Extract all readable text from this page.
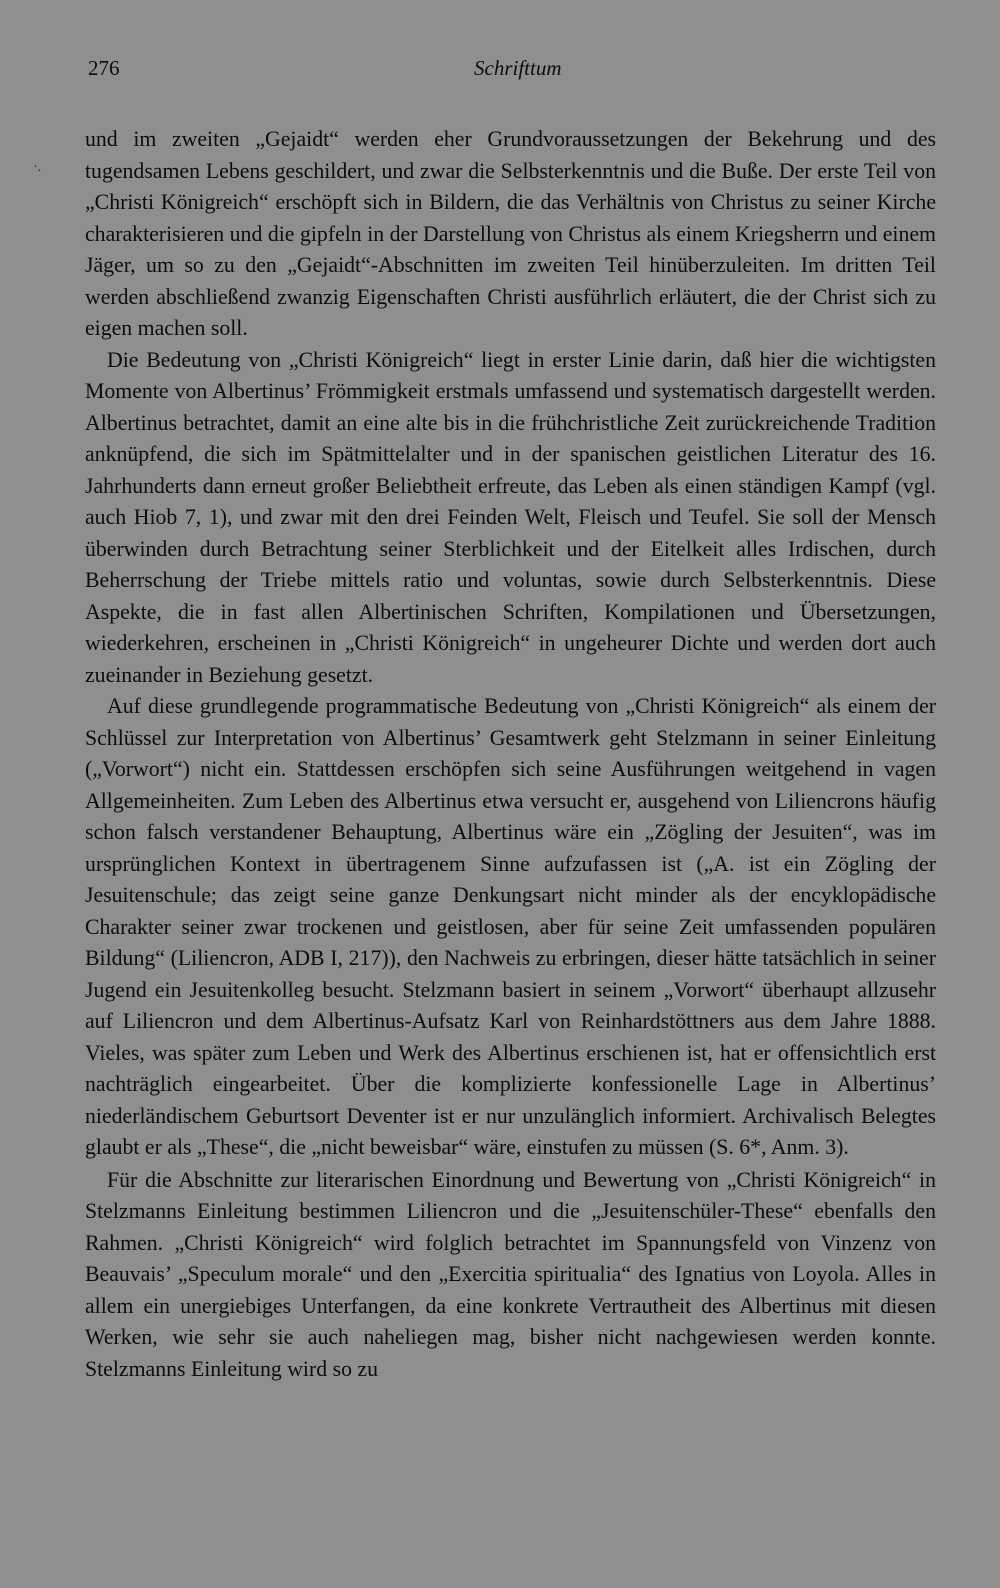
·.
276	Schrifttum

und im zweiten „Gejaidt“ werden eher Grundvoraussetzungen der Bekehrung und des tugendsamen Lebens geschildert, und zwar die Selbsterkenntnis und die Buße. Der erste Teil von „Christi Königreich“ erschöpft sich in Bildern, die das Verhältnis von Christus zu seiner Kirche charakterisieren und die gipfeln in der Darstellung von Christus als einem Kriegsherrn und einem Jäger, um so zu den „Gejaidt“-Abschnitten im zweiten Teil hinüberzuleiten. Im dritten Teil werden abschließend zwanzig Eigenschaften Christi ausführlich erläutert, die der Christ sich zu eigen machen soll.

Die Bedeutung von „Christi Königreich“ liegt in erster Linie darin, daß hier die wichtigsten Momente von Albertinus’ Frömmigkeit erstmals umfassend und systematisch dargestellt werden. Albertinus betrachtet, damit an eine alte bis in die frühchristliche Zeit zurückreichende Tradition anknüpfend, die sich im Spätmittelalter und in der spanischen geistlichen Literatur des 16. Jahrhunderts dann erneut großer Beliebtheit erfreute, das Leben als einen ständigen Kampf (vgl. auch Hiob 7, 1), und zwar mit den drei Feinden Welt, Fleisch und Teufel. Sie soll der Mensch überwinden durch Betrachtung seiner Sterblichkeit und der Eitelkeit alles Irdischen, durch Beherrschung der Triebe mittels ratio und voluntas, sowie durch Selbsterkenntnis. Diese Aspekte, die in fast allen Albertinischen Schriften, Kompilationen und Übersetzungen, wiederkehren, erscheinen in „Christi Königreich“ in ungeheurer Dichte und werden dort auch zueinander in Beziehung gesetzt.

Auf diese grundlegende programmatische Bedeutung von „Christi Königreich“ als einem der Schlüssel zur Interpretation von Albertinus’ Gesamtwerk geht Stelzmann in seiner Einleitung („Vorwort“) nicht ein. Stattdessen erschöpfen sich seine Ausführungen weitgehend in vagen Allgemeinheiten. Zum Leben des Albertinus etwa versucht er, ausgehend von Liliencrons häufig schon falsch verstandener Behauptung, Albertinus wäre ein „Zögling der Jesuiten“, was im ursprünglichen Kontext in übertragenem Sinne aufzufassen ist („A. ist ein Zögling der Jesuitenschule; das zeigt seine ganze Denkungsart nicht minder als der encyklopädische Charakter seiner zwar trockenen und geistlosen, aber für seine Zeit umfassenden populären Bildung“ (Liliencron, ADB I, 217)), den Nachweis zu erbringen, dieser hätte tatsächlich in seiner Jugend ein Jesuitenkolleg besucht. Stelzmann basiert in seinem „Vorwort“ überhaupt allzusehr auf Liliencron und dem Albertinus-Aufsatz Karl von Reinhardstöttners aus dem Jahre 1888. Vieles, was später zum Leben und Werk des Albertinus erschienen ist, hat er offensichtlich erst nachträglich eingearbeitet. Über die komplizierte konfessionelle Lage in Albertinus’ niederländischem Geburtsort Deventer ist er nur unzulänglich informiert. Archivalisch Belegtes glaubt er als „These“, die „nicht beweisbar“ wäre, einstufen zu müssen (S. 6*, Anm. 3).

Für die Abschnitte zur literarischen Einordnung und Bewertung von „Christi Königreich“ in Stelzmanns Einleitung bestimmen Liliencron und die „Jesuitenschüler-These“ ebenfalls den Rahmen. „Christi Königreich“ wird folglich betrachtet im Spannungsfeld von Vinzenz von Beauvais’ „Speculum morale“ und den „Exercitia spiritualia“ des Ignatius von Loyola. Alles in allem ein unergiebiges Unterfangen, da eine konkrete Vertrautheit des Albertinus mit diesen Werken, wie sehr sie auch naheliegen mag, bisher nicht nachgewiesen werden konnte. Stelzmanns Einleitung wird so zu
